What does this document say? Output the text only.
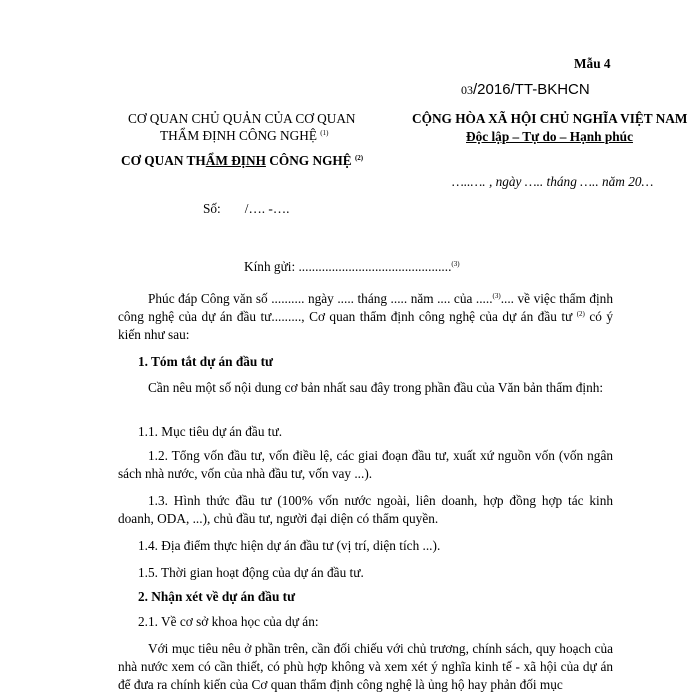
Mẫu 4
03/2016/TT-BKHCN
CƠ QUAN CHỦ QUẢN CỦA CƠ QUAN
THẨM ĐỊNH CÔNG NGHỆ $^{(1)}$
CƠ QUAN THẨM ĐỊNH CÔNG NGHỆ $^{(2)}$
CỘNG HÒA XÃ HỘI CHỦ NGHĨA VIỆT NAM
Độc lập – Tự do – Hạnh phúc
…..…. , ngày ….. tháng ….. năm 20…
Số: /…. -….
Kính gửi: ..............................................$^{(3)}$

Phúc đáp Công văn số .......... ngày ..... tháng ..... năm .... của .....$^{(3)}$.... về việc thẩm định công nghệ của dự án đầu tư........., Cơ quan thẩm định công nghệ của dự án đầu tư $^{(2)}$ có ý kiến như sau:

1. Tóm tắt dự án đầu tư

Cần nêu một số nội dung cơ bản nhất sau đây trong phần đầu của Văn bản thẩm định:

1.1. Mục tiêu dự án đầu tư.

1.2. Tổng vốn đầu tư, vốn điều lệ, các giai đoạn đầu tư, xuất xứ nguồn vốn (vốn ngân sách nhà nước, vốn của nhà đầu tư, vốn vay ...).

1.3. Hình thức đầu tư (100% vốn nước ngoài, liên doanh, hợp đồng hợp tác kinh doanh, ODA, ...), chủ đầu tư, người đại diện có thẩm quyền.

1.4. Địa điểm thực hiện dự án đầu tư (vị trí, diện tích ...).
1.5. Thời gian hoạt động của dự án đầu tư.
2. Nhận xét về dự án đầu tư
2.1. Về cơ sở khoa học của dự án:

Với mục tiêu nêu ở phần trên, cần đối chiếu với chủ trương, chính sách, quy hoạch của nhà nước xem có cần thiết, có phù hợp không và xem xét ý nghĩa kinh tế - xã hội của dự án để đưa ra chính kiến của Cơ quan thẩm định công nghệ là ủng hộ hay phản đối mục
